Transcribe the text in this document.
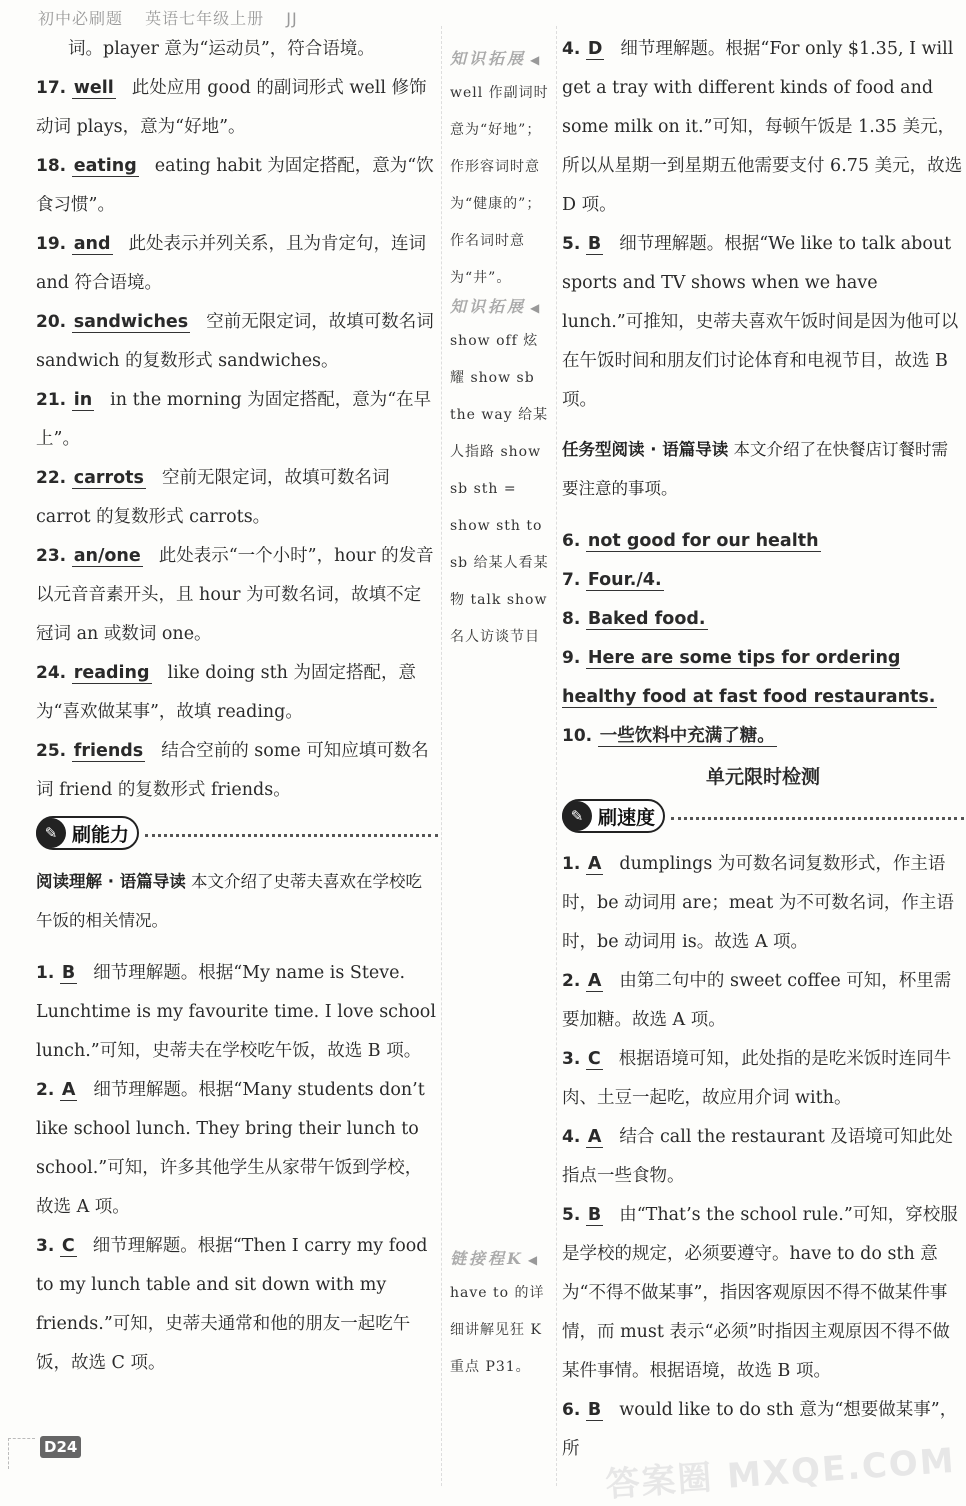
初中必刷题 英语七年级上册 JJ

词。player 意为“运动员”，符合语境。

17. well 此处应用 good 的副词形式 well 修饰动词 plays，意为“好地”。

18. eating eating habit 为固定搭配，意为“饮食习惯”。

19. and 此处表示并列关系，且为肯定句，连词 and 符合语境。

20. sandwiches 空前无限定词，故填可数名词 sandwich 的复数形式 sandwiches。

21. in in the morning 为固定搭配，意为“在早上”。

22. carrots 空前无限定词，故填可数名词 carrot 的复数形式 carrots。

23. an/one 此处表示“一个小时”，hour 的发音以元音音素开头，且 hour 为可数名词，故填不定冠词 an 或数词 one。

24. reading like doing sth 为固定搭配，意为“喜欢做某事”，故填 reading。

25. friends 结合空前的 some 可知应填可数名词 friend 的复数形式 friends。

✎ 刷能力

阅读理解 · 语篇导读 本文介绍了史蒂夫喜欢在学校吃午饭的相关情况。

1. B 细节理解题。根据“My name is Steve. Lunchtime is my favourite time. I love school lunch.”可知，史蒂夫在学校吃午饭，故选 B 项。

2. A 细节理解题。根据“Many students don’t like school lunch. They bring their lunch to school.”可知，许多其他学生从家带午饭到学校，故选 A 项。

3. C 细节理解题。根据“Then I carry my food to my lunch table and sit down with my friends.”可知，史蒂夫通常和他的朋友一起吃午饭，故选 C 项。

知识拓展 ◀

well 作副词时意为“好地”；作形容词时意为“健康的”；作名词时意为“井”。

知识拓展 ◀

show off 炫耀 show sb the way 给某人指路 show sb sth = show sth to sb 给某人看某物 talk show 名人访谈节目

链接程K ◀

have to 的详细讲解见狂 K 重点 P31。

4. D 细节理解题。根据“For only $1.35, I will get a tray with different kinds of food and some milk on it.”可知，每顿午饭是 1.35 美元，所以从星期一到星期五他需要支付 6.75 美元，故选 D 项。

5. B 细节理解题。根据“We like to talk about sports and TV shows when we have lunch.”可推知，史蒂夫喜欢午饭时间是因为他可以在午饭时间和朋友们讨论体育和电视节目，故选 B 项。

任务型阅读 · 语篇导读 本文介绍了在快餐店订餐时需要注意的事项。

6. not good for our health

7. Four./4.

8. Baked food.

9. Here are some tips for ordering healthy food at fast food restaurants.

10. 一些饮料中充满了糖。

单元限时检测
✎ 刷速度

1. A dumplings 为可数名词复数形式，作主语时，be 动词用 are；meat 为不可数名词，作主语时，be 动词用 is。故选 A 项。

2. A 由第二句中的 sweet coffee 可知，杯里需要加糖。故选 A 项。

3. C 根据语境可知，此处指的是吃米饭时连同牛肉、土豆一起吃，故应用介词 with。

4. A 结合 call the restaurant 及语境可知此处指点一些食物。

5. B 由“That’s the school rule.”可知，穿校服是学校的规定，必须要遵守。have to do sth 意为“不得不做某事”，指因客观原因不得不做某件事情，而 must 表示“必须”时指因主观原因不得不做某件事情。根据语境，故选 B 项。

6. B would like to do sth 意为“想要做某事”，所

D24	答案圈 MXQE.COM
